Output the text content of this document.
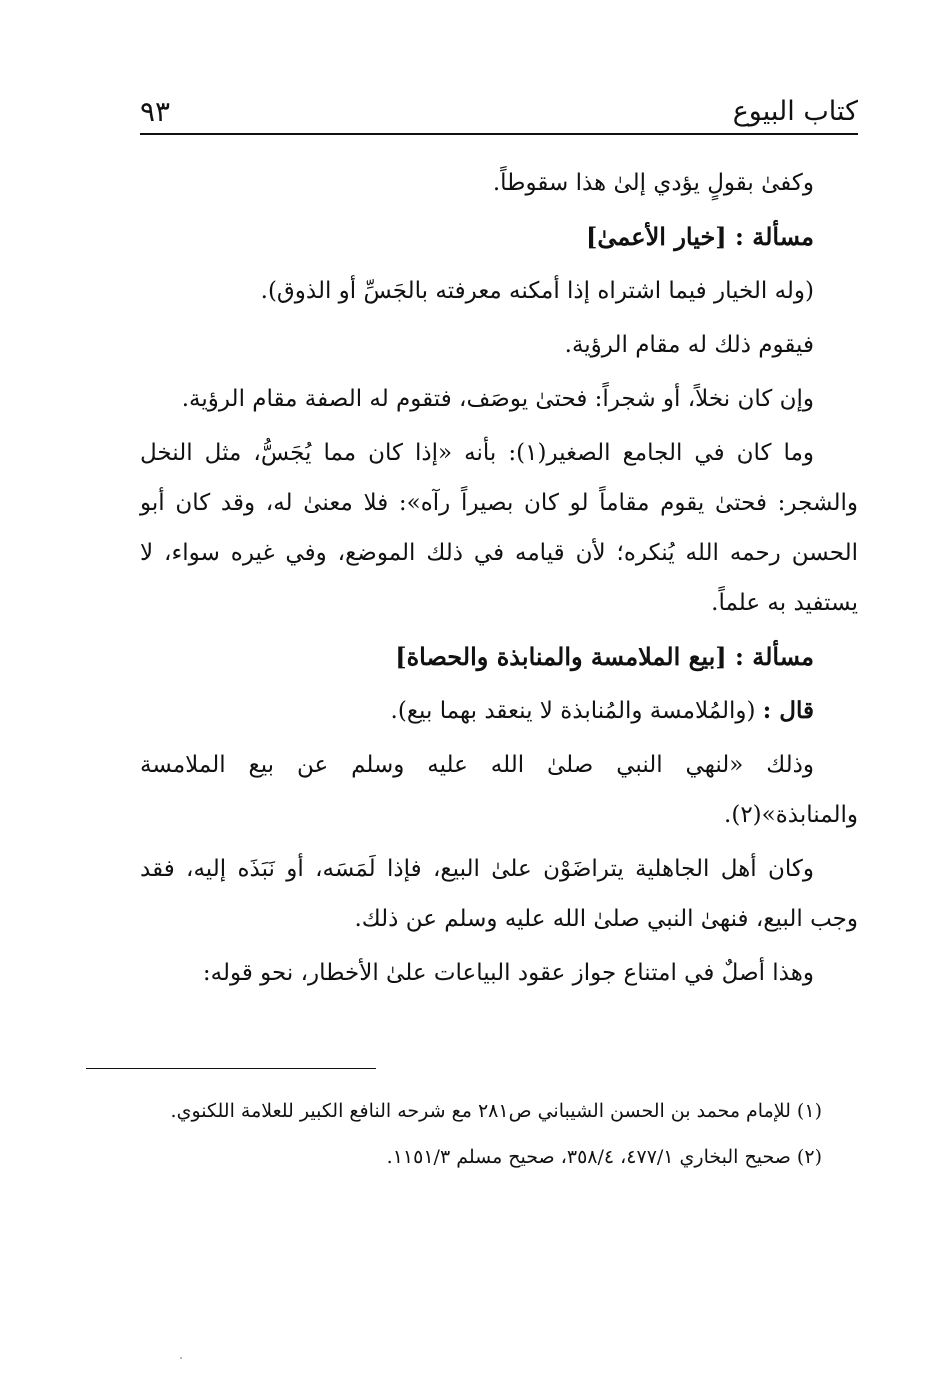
كتاب البيوع
٩٣

وكفىٰ بقولٍ يؤدي إلىٰ هذا سقوطاً.

مسألة : [خيار الأعمىٰ]

(وله الخيار فيما اشتراه إذا أمكنه معرفته بالجَسِّ أو الذوق).

فيقوم ذلك له مقام الرؤية.

وإن كان نخلاً، أو شجراً: فحتىٰ يوصَف، فتقوم له الصفة مقام الرؤية.

وما كان في الجامع الصغير(١): بأنه «إذا كان مما يُجَسُّ، مثل النخل والشجر: فحتىٰ يقوم مقاماً لو كان بصيراً رآه»: فلا معنىٰ له، وقد كان أبو الحسن رحمه الله يُنكره؛ لأن قيامه في ذلك الموضع، وفي غيره سواء، لا يستفيد به علماً.

مسألة : [بيع الملامسة والمنابذة والحصاة]

قال : (والمُلامسة والمُنابذة لا ينعقد بهما بيع).

وذلك «لنهي النبي صلىٰ الله عليه وسلم عن بيع الملامسة والمنابذة»(٢).

وكان أهل الجاهلية يتراضَوْن علىٰ البيع، فإذا لَمَسَه، أو نَبَذَه إليه، فقد وجب البيع، فنهىٰ النبي صلىٰ الله عليه وسلم عن ذلك.

وهذا أصلٌ في امتناع جواز عقود البياعات علىٰ الأخطار، نحو قوله:

(١) للإمام محمد بن الحسن الشيباني ص٢٨١ مع شرحه النافع الكبير للعلامة اللكنوي.

(٢) صحيح البخاري ٤٧٧/١، ٣٥٨/٤، صحيح مسلم ١١٥١/٣.
